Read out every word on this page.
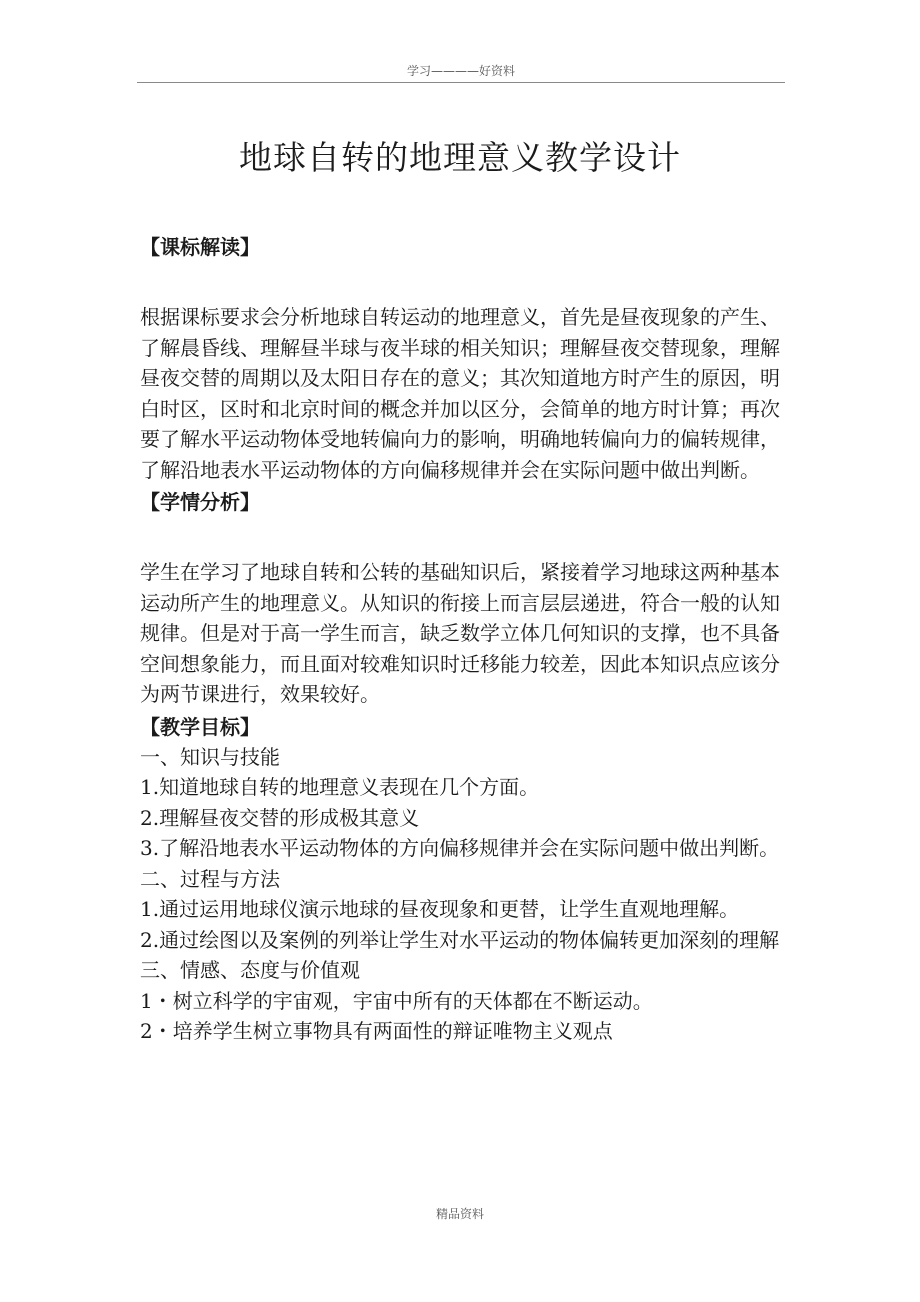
学习————好资料
地球自转的地理意义教学设计

【课标解读】

根据课标要求会分析地球自转运动的地理意义，首先是昼夜现象的产生、了解晨昏线、理解昼半球与夜半球的相关知识；理解昼夜交替现象，理解昼夜交替的周期以及太阳日存在的意义；其次知道地方时产生的原因，明白时区，区时和北京时间的概念并加以区分，会简单的地方时计算；再次要了解水平运动物体受地转偏向力的影响，明确地转偏向力的偏转规律，了解沿地表水平运动物体的方向偏移规律并会在实际问题中做出判断。

【学情分析】

学生在学习了地球自转和公转的基础知识后，紧接着学习地球这两种基本运动所产生的地理意义。从知识的衔接上而言层层递进，符合一般的认知规律。但是对于高一学生而言，缺乏数学立体几何知识的支撑，也不具备空间想象能力，而且面对较难知识时迁移能力较差，因此本知识点应该分为两节课进行，效果较好。

【教学目标】

一、知识与技能

1.知道地球自转的地理意义表现在几个方面。

2.理解昼夜交替的形成极其意义

3.了解沿地表水平运动物体的方向偏移规律并会在实际问题中做出判断。

二、过程与方法

1.通过运用地球仪演示地球的昼夜现象和更替，让学生直观地理解。

2.通过绘图以及案例的列举让学生对水平运动的物体偏转更加深刻的理解

三、情感、态度与价值观

1・树立科学的宇宙观，宇宙中所有的天体都在不断运动。

2・培养学生树立事物具有两面性的辩证唯物主义观点

精品资料
